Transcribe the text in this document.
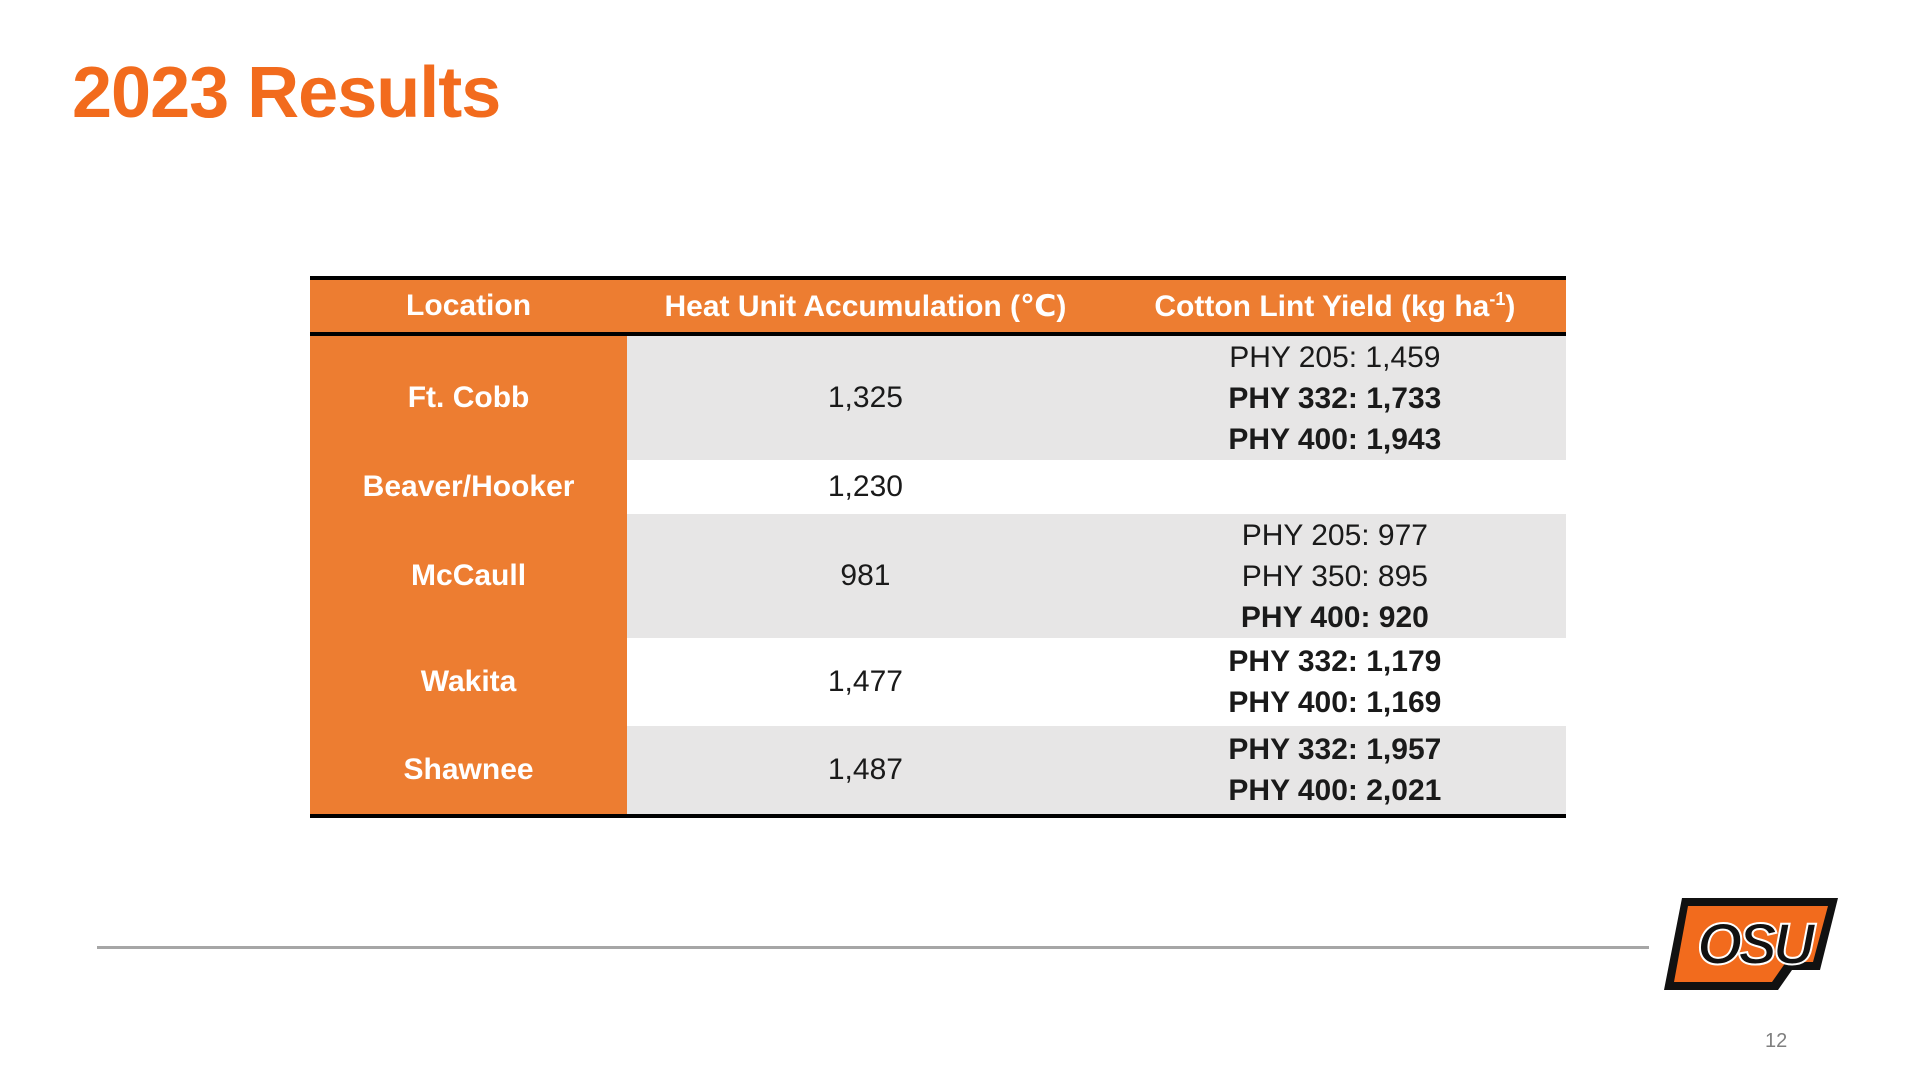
2023 Results
Location	Heat Unit Accumulation (℃)	Cotton Lint Yield (kg $ha^{-1}$)
Ft. Cobb	1,325	PHY 205: 1,459
PHY 332: 1,733
PHY 400: 1,943

Beaver/Hooker	1,230	
McCaull	981	PHY 205: 977
PHY 350: 895
PHY 400: 920

Wakita	1,477	PHY 332: 1,179
PHY 400: 1,169

Shawnee	1,487	PHY 332: 1,957
PHY 400: 2,021
OSU
12
